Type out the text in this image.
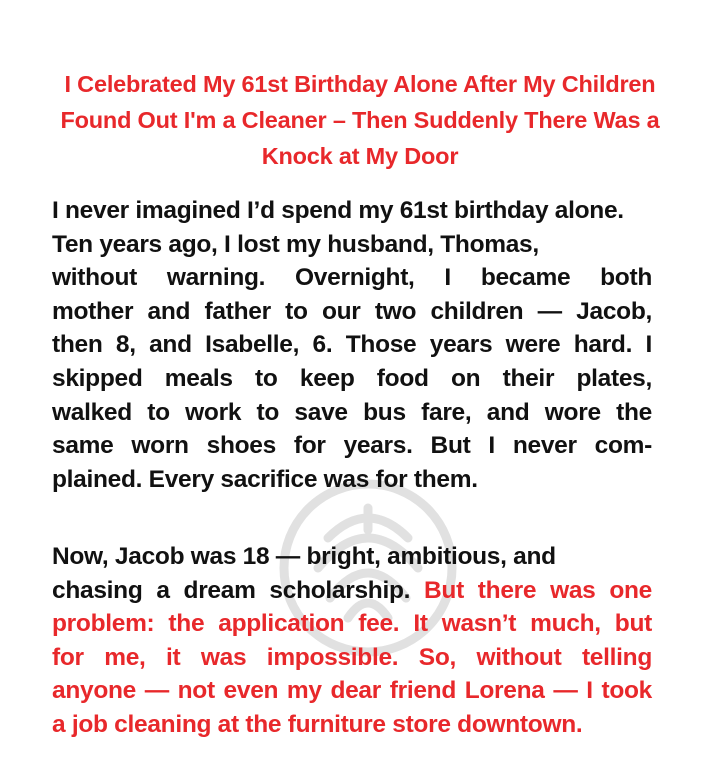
I Celebrated My 61st Birthday Alone After My Children Found Out I'm a Cleaner – Then Suddenly There Was a Knock at My Door
I never imagined I’d spend my 61st birthday alone.
Ten years ago, I lost my husband, Thomas,
without warning. Overnight, I became both
mother and father to our two children — Jacob,
then 8, and Isabelle, 6. Those years were hard. I
skipped meals to keep food on their plates,
walked to work to save bus fare, and wore the
same worn shoes for years. But I never com-
plained. Every sacrifice was for them.
Now, Jacob was 18 — bright, ambitious, and
chasing a dream scholarship. But there was one
problem: the application fee. It wasn’t much, but
for me, it was impossible. So, without telling
anyone — not even my dear friend Lorena — I took
a job cleaning at the furniture store downtown.
